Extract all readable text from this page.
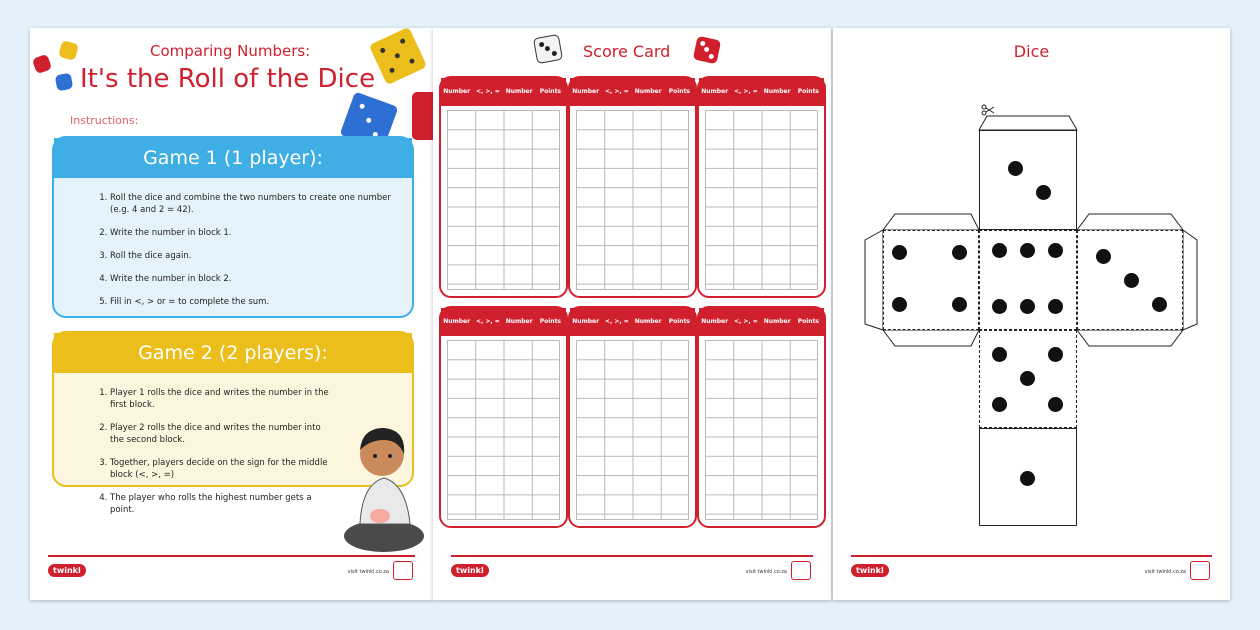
Comparing Numbers:
It's the Roll of the Dice
Instructions:
Game 1 (1 player):
1. Roll the dice and combine the two numbers to create one number (e.g. 4 and 2 = 42).
2. Write the number in block 1.
3. Roll the dice again.
4. Write the number in block 2.
5. Fill in <, > or = to complete the sum.
Game 2 (2 players):
1. Player 1 rolls the dice and writes the number in the first block.
2. Player 2 rolls the dice and writes the number into the second block.
3. Together, players decide on the sign for the middle block (<, >, =)
4. The player who rolls the highest number gets a point.
twinkl	visit twinkl.co.za
Score Card
Number <, >, = Number	Points	Number <, >, = Number	Points	Number <, >, = Number	Points
Number <, >, = Number	Points	Number <, >, = Number	Points	Number <, >, = Number	Points
twinkl	visit twinkl.co.za
Dice
twinkl	visit twinkl.co.za
